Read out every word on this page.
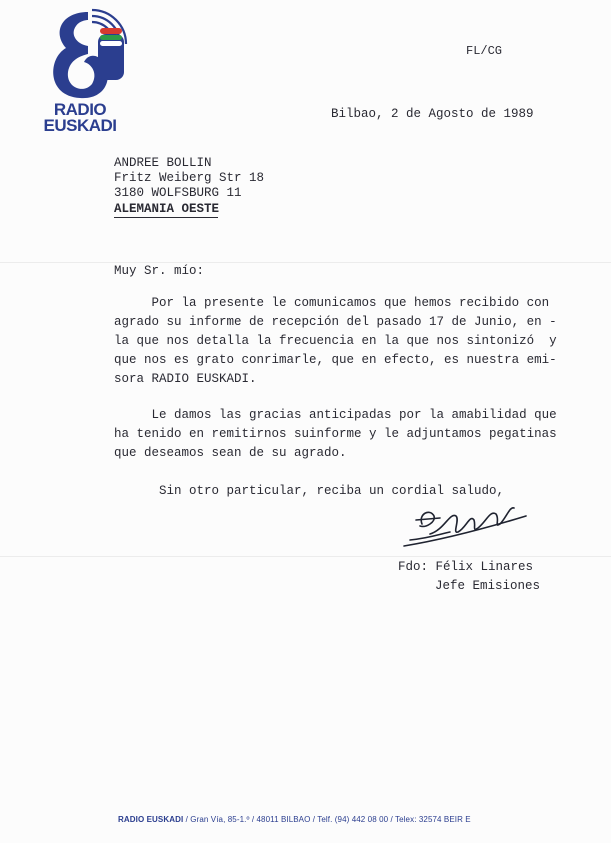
RADIO
EUSKADI
FL/CG
Bilbao, 2 de Agosto de 1989
ANDREE BOLLIN
Fritz Weiberg Str 18
3180 WOLFSBURG 11
ALEMANIA OESTE
Muy Sr. mío:
Por la presente le comunicamos que hemos recibido con
agrado su informe de recepción del pasado 17 de Junio, en -
la que nos detalla la frecuencia en la que nos sintonizó  y
que nos es grato conrimarle, que en efecto, es nuestra emi-
sora RADIO EUSKADI.
Le damos las gracias anticipadas por la amabilidad que
ha tenido en remitirnos suinforme y le adjuntamos pegatinas
que deseamos sean de su agrado.
Sin otro particular, reciba un cordial saludo,
Fdo: Félix Linares
Jefe Emisiones
RADIO EUSKADI / Gran Vía, 85-1.º / 48011 BILBAO / Telf. (94) 442 08 00 / Telex: 32574 BEIR E
